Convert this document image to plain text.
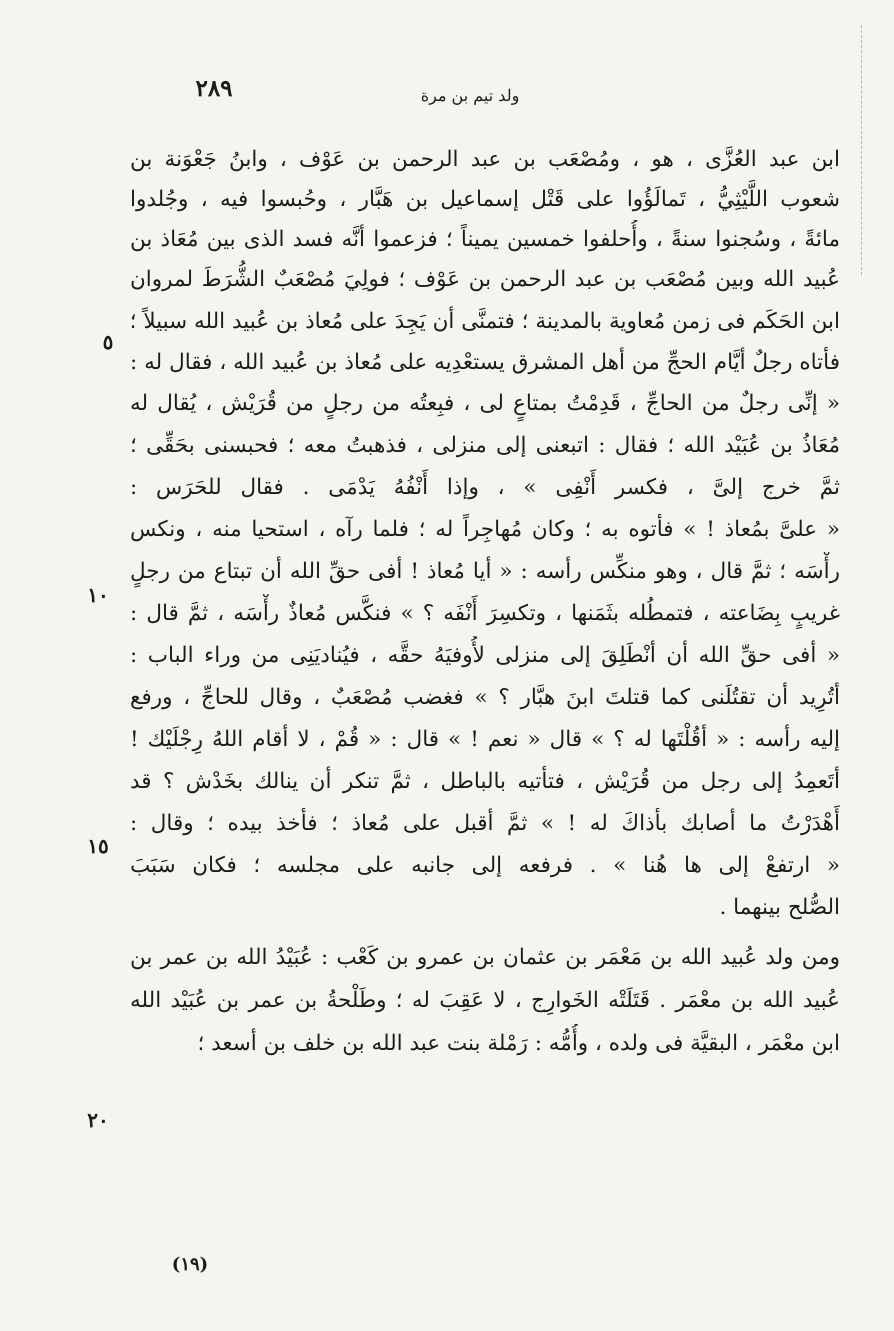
٢٨٩	ولد تيم بن مرة
ابن عبد العُزَّى ، هو ، ومُصْعَب بن عبد الرحمن بن عَوْف ، وابنُ جَعْوَنة بن
شعوب اللَّيْثِيُّ ، تَمالَؤُوا على قَتْل إسماعيل بن هَبَّار ، وحُبسوا فيه ، وجُلدوا
مائةً ، وسُجنوا سنةً ، وأُحلفوا خمسين يميناً ؛ فزعموا أنَّه فسد الذى بين مُعَاذ بن
عُبيد الله وبين مُصْعَب بن عبد الرحمن بن عَوْف ؛ فولِيَ مُصْعَبٌ الشُّرَطَ لمروان
ابن الحَكَم فى زمن مُعاوية بالمدينة ؛ فتمنَّى أن يَجِدَ على مُعاذ بن عُبيد الله سبيلاً ؛
فأتاه رجلٌ أيَّام الحجِّ من أهل المشرق يستعْدِيه على مُعاذ بن عُبيد الله ، فقال له :
« إنِّى رجلٌ من الحاجِّ ، قَدِمْتُ بمتاعٍ لى ، فبِعتُه من رجلٍ من قُرَيْش ، يُقال له
مُعَاذُ بن عُبَيْد الله ؛ فقال : اتبعنى إلى منزلى ، فذهبتُ معه ؛ فحبسنى بحَقِّى ؛
ثمَّ خرج إلىَّ ، فكسر أَنْفِى » ، وإذا أَنْفُهُ يَدْمَى . فقال للحَرَس :
« علىَّ بمُعاذ ! » فأتوه به ؛ وكان مُهاجِراً له ؛ فلما رآه ، استحيا منه ، ونكس
رأْسَه ؛ ثمَّ قال ، وهو منكِّس رأسه : « أيا مُعاذ ! أفى حقِّ الله أن تبتاع من رجلٍ
غريبٍ بِضَاعته ، فتمطُله بثَمَنها ، وتكسِرَ أَنْفَه ؟ » فنكَّس مُعاذٌ رأْسَه ، ثمَّ قال :
« أفى حقِّ الله أن أنْطَلِقَ إلى منزلى لأُوفيَهُ حقَّه ، فيُناديَنِى من وراء الباب :
أتُرِيد أن تقتُلَنى كما قتلتَ ابنَ هبَّار ؟ » فغضب مُصْعَبٌ ، وقال للحاجِّ ، ورفع
إليه رأسه : « أقُلْتَها له ؟ » قال « نعم ! » قال : « قُمْ ، لا أقام اللهُ رِجْلَيْك !
أتَعمِدُ إلى رجل من قُرَيْش ، فتأتيه بالباطل ، ثمَّ تنكر أن ينالك بخَدْش ؟ قد
أَهْدَرْتُ ما أصابك بأذاكَ له ! » ثمَّ أقبل على مُعاذ ؛ فأخذ بيده ؛ وقال :
« ارتفعْ إلى ها هُنا » . فرفعه إلى جانبه على مجلسه ؛ فكان سَبَبَ
الصُّلح بينهما .
ومن ولد عُبيد الله بن مَعْمَر بن عثمان بن عمرو بن كَعْب : عُبَيْدُ الله بن عمر بن
عُبيد الله بن معْمَر . قَتَلَتْه الخَوارِج ، لا عَقِبَ له ؛ وطَلْحةُ بن عمر بن عُبَيْد الله
ابن معْمَر ، البقيَّة فى ولده ، وأُمُّه : رَمْلة بنت عبد الله بن خلف بن أسعد ؛
٥
١٠
١٥
٢٠
(١٩)
